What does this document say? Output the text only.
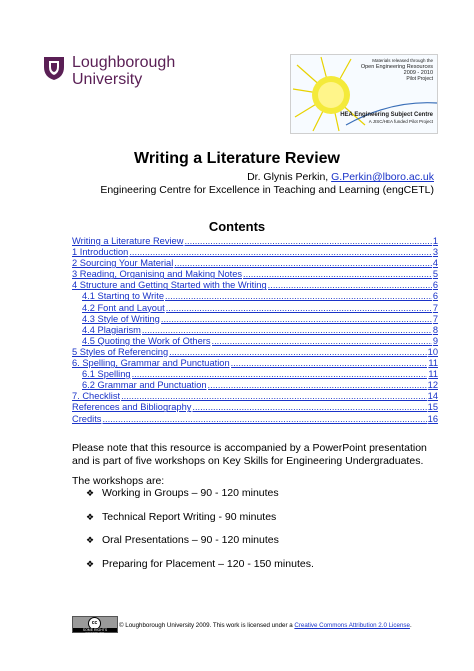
Loughborough
University
Materials released through the
Open Engineering Resources
2009 - 2010
Pilot Project
HEA Engineering Subject Centre
A JISC/HEA funded Pilot Project
Writing a Literature Review
Dr. Glynis Perkin, G.Perkin@lboro.ac.uk
Engineering Centre for Excellence in Teaching and Learning (engCETL)
Contents
Writing a Literature Review .....	1
1 Introduction .....	3
2 Sourcing Your Material .....	4
3 Reading, Organising and Making Notes .....	5
4 Structure and Getting Started with the Writing .....	6
4.1 Starting to Write .....	6
4.2 Font and Layout .....	7
4.3 Style of Writing .....	7
4.4 Plagiarism .....	8
4.5 Quoting the Work of Others .....	9
5 Styles of Referencing .....	10
6. Spelling, Grammar and Punctuation .....	11
6.1 Spelling .....	11
6.2 Grammar and Punctuation .....	12
7. Checklist .....	14
References and Bibliography .....	15
Credits .....	16
Please note that this resource is accompanied by a PowerPoint presentation and is part of five workshops on Key Skills for Engineering Undergraduates.
The workshops are:
❖ Working in Groups – 90 - 120 minutes
❖ Technical Report Writing - 90 minutes
❖ Oral Presentations – 90 - 120 minutes
❖ Preparing for Placement – 120 - 150 minutes.
cc
SOME RIGHTS RESERVED
© Loughborough University 2009. This work is licensed under a Creative Commons Attribution 2.0 License.
